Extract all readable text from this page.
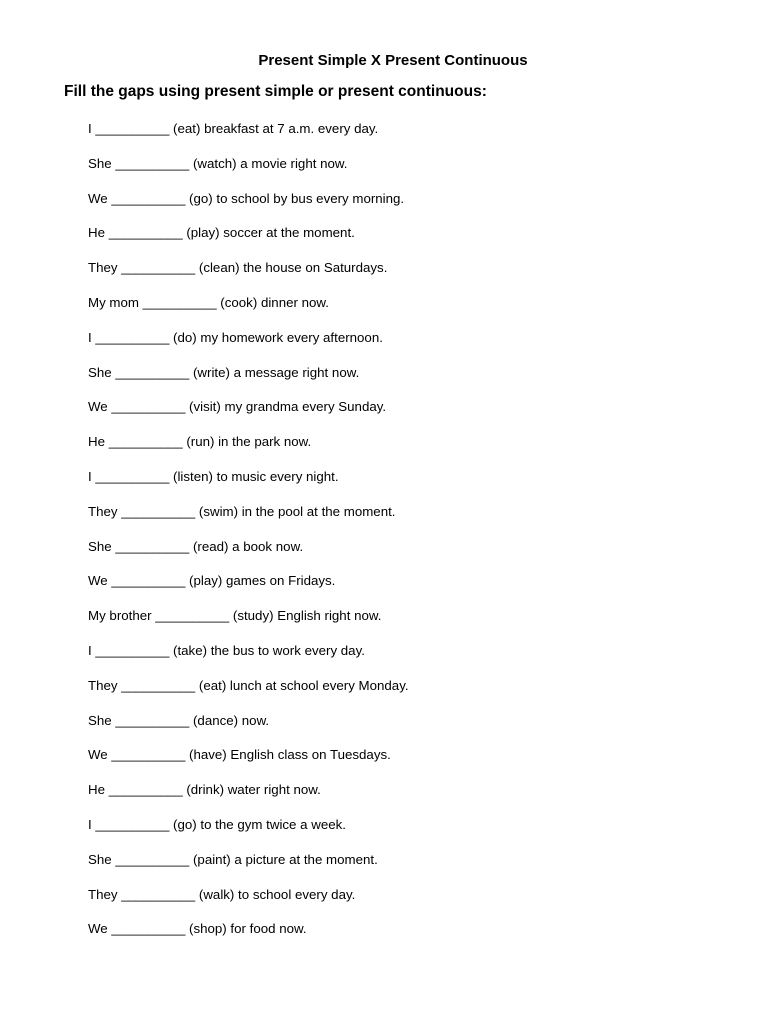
Present Simple X Present Continuous
Fill the gaps using present simple or present continuous:
I __________ (eat) breakfast at 7 a.m. every day.
She __________ (watch) a movie right now.
We __________ (go) to school by bus every morning.
He __________ (play) soccer at the moment.
They __________ (clean) the house on Saturdays.
My mom __________ (cook) dinner now.
I __________ (do) my homework every afternoon.
She __________ (write) a message right now.
We __________ (visit) my grandma every Sunday.
He __________ (run) in the park now.
I __________ (listen) to music every night.
They __________ (swim) in the pool at the moment.
She __________ (read) a book now.
We __________ (play) games on Fridays.
My brother __________ (study) English right now.
I __________ (take) the bus to work every day.
They __________ (eat) lunch at school every Monday.
She __________ (dance) now.
We __________ (have) English class on Tuesdays.
He __________ (drink) water right now.
I __________ (go) to the gym twice a week.
She __________ (paint) a picture at the moment.
They __________ (walk) to school every day.
We __________ (shop) for food now.
